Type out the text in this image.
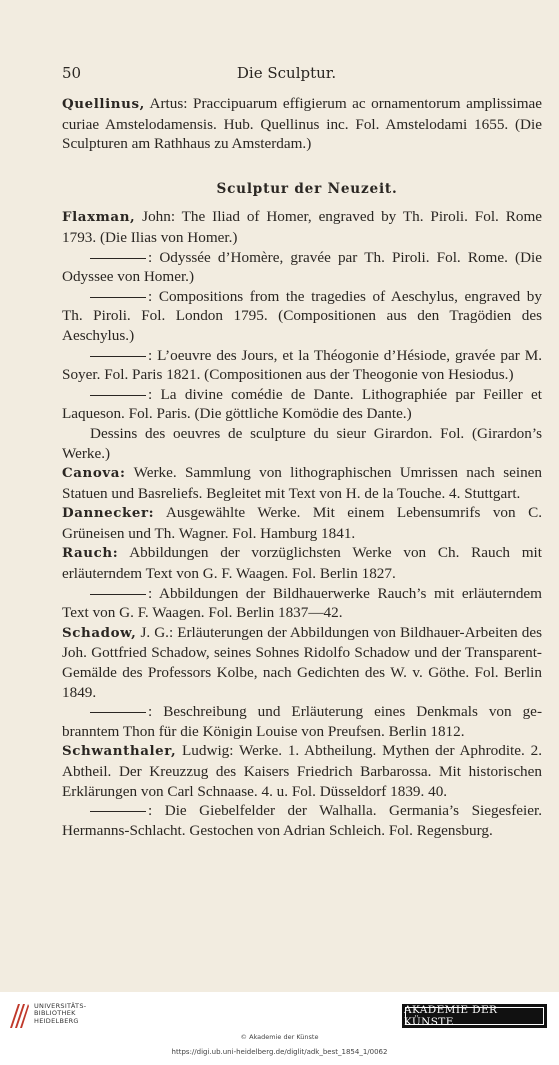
50	Die Sculptur.

Quellinus, Artus: Praccipuarum effigierum ac ornamentorum amplissimae curiae Amstelodamensis. Hub. Quellinus inc. Fol. Amstelodami 1655. (Die Sculpturen am Rathhaus zu Amsterdam.)

Sculptur der Neuzeit.

Flaxman, John: The Iliad of Homer, engraved by Th. Piroli. Fol. Rome 1793. (Die Ilias von Homer.)

: Odyssée d’Homère, gravée par Th. Piroli. Fol. Rome. (Die Odyssee von Homer.)

: Compositions from the tragedies of Aeschylus, engraved by Th. Piroli. Fol. London 1795. (Compositionen aus den Tragödien des Aeschylus.)

: L’oeuvre des Jours, et la Théogonie d’Hésiode, gravée par M. Soyer. Fol. Paris 1821. (Compositionen aus der Theogonie von Hesiodus.)

: La divine comédie de Dante. Lithographiée par Feiller et Laqueson. Fol. Paris. (Die göttliche Komödie des Dante.)

Dessins des oeuvres de sculpture du sieur Girardon. Fol. (Girardon’s Werke.)

Canova: Werke. Sammlung von lithographischen Umrissen nach seinen Statuen und Basreliefs. Begleitet mit Text von H. de la Touche. 4. Stuttgart.

Dannecker: Ausgewählte Werke. Mit einem Lebensumrifs von C. Grüneisen und Th. Wagner. Fol. Hamburg 1841.

Rauch: Abbildungen der vorzüglichsten Werke von Ch. Rauch mit erläuterndem Text von G. F. Waagen. Fol. Berlin 1827.

: Abbildungen der Bildhauerwerke Rauch’s mit erläuterndem Text von G. F. Waagen. Fol. Berlin 1837—42.

Schadow, J. G.: Erläuterungen der Abbildungen von Bildhauer-Arbeiten des Joh. Gottfried Schadow, seines Sohnes Ridolfo Schadow und der Transparent-Gemälde des Professors Kolbe, nach Gedichten des W. v. Göthe. Fol. Berlin 1849.

: Beschreibung und Erläuterung eines Denkmals von gebranntem Thon für die Königin Louise von Preufsen. Berlin 1812.

Schwanthaler, Ludwig: Werke. 1. Abtheilung. Mythen der Aphrodite. 2. Abtheil. Der Kreuzzug des Kaisers Friedrich Barbarossa. Mit historischen Erklärungen von Carl Schnaase. 4. u. Fol. Düsseldorf 1839. 40.

: Die Giebelfelder der Walhalla. Germania’s Siegesfeier. Hermanns-Schlacht. Gestochen von Adrian Schleich. Fol. Regensburg.

UNIVERSITÄTS-
BIBLIOTHEK
HEIDELBERG
AKADEMIE DER KÜNSTE
© Akademie der Künste
https://digi.ub.uni-heidelberg.de/diglit/adk_best_1854_1/0062
